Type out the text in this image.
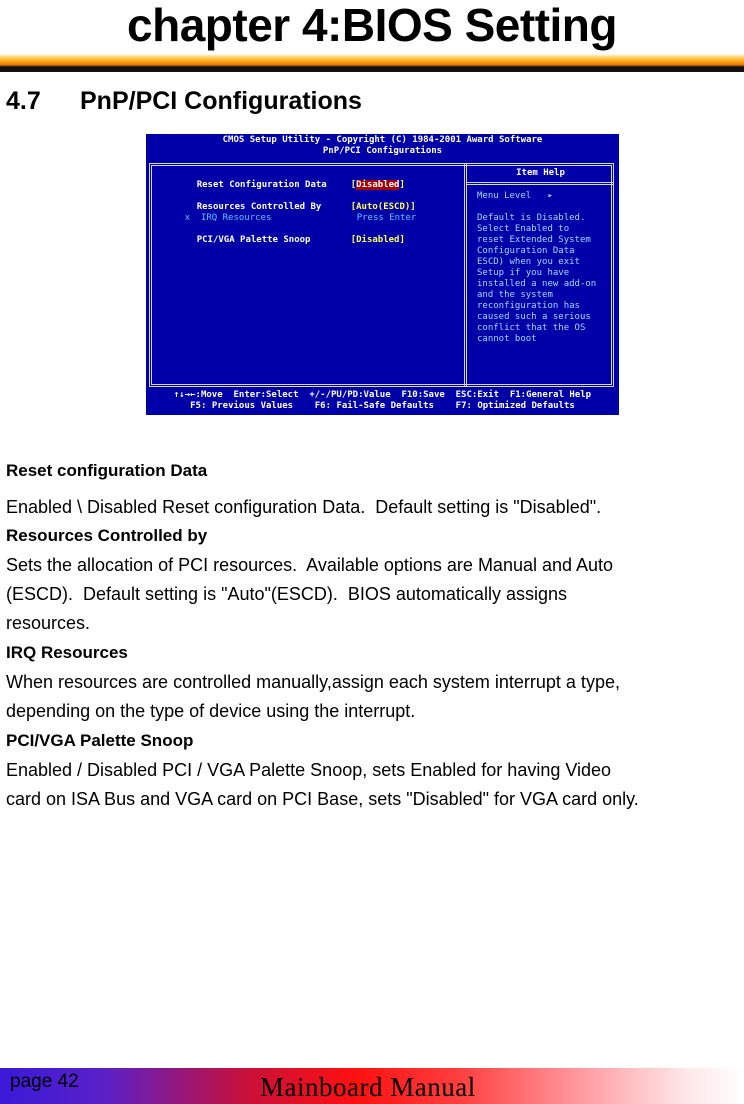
chapter 4:BIOS Setting
4.7 PnP/PCI Configurations
CMOS Setup Utility - Copyright (C) 1984-2001 Award Software
PnP/PCI Configurations

Reset Configuration Data
	[Disabled]

Resources Controlled By
	[Auto(ESCD)]

x  IRQ Resources
	Press Enter

PCI/VGA Palette Snoop
	[Disabled]

Item Help
Menu Level   ▸
Default is Disabled.
Select Enabled to
reset Extended System
Configuration Data
ESCD) when you exit
Setup if you have
installed a new add-on
and the system
reconfiguration has
caused such a serious
conflict that the OS
cannot boot
↑↓→←:Move  Enter:Select  +/-/PU/PD:Value  F10:Save  ESC:Exit  F1:General Help
F5: Previous Values    F6: Fail-Safe Defaults    F7: Optimized Defaults
Reset configuration Data
Enabled \ Disabled Reset configuration Data.  Default setting is "Disabled".
Resources Controlled by
Sets the allocation of PCI resources.  Available options are Manual and Auto
(ESCD).  Default setting is "Auto"(ESCD).  BIOS automatically assigns
resources.
IRQ Resources
When resources are controlled manually,assign each system interrupt a type,
depending on the type of device using the interrupt.
PCI/VGA Palette Snoop
Enabled / Disabled PCI / VGA Palette Snoop, sets Enabled for having Video
card on ISA Bus and VGA card on PCI Base, sets "Disabled" for VGA card only.
page 42	Mainboard Manual
